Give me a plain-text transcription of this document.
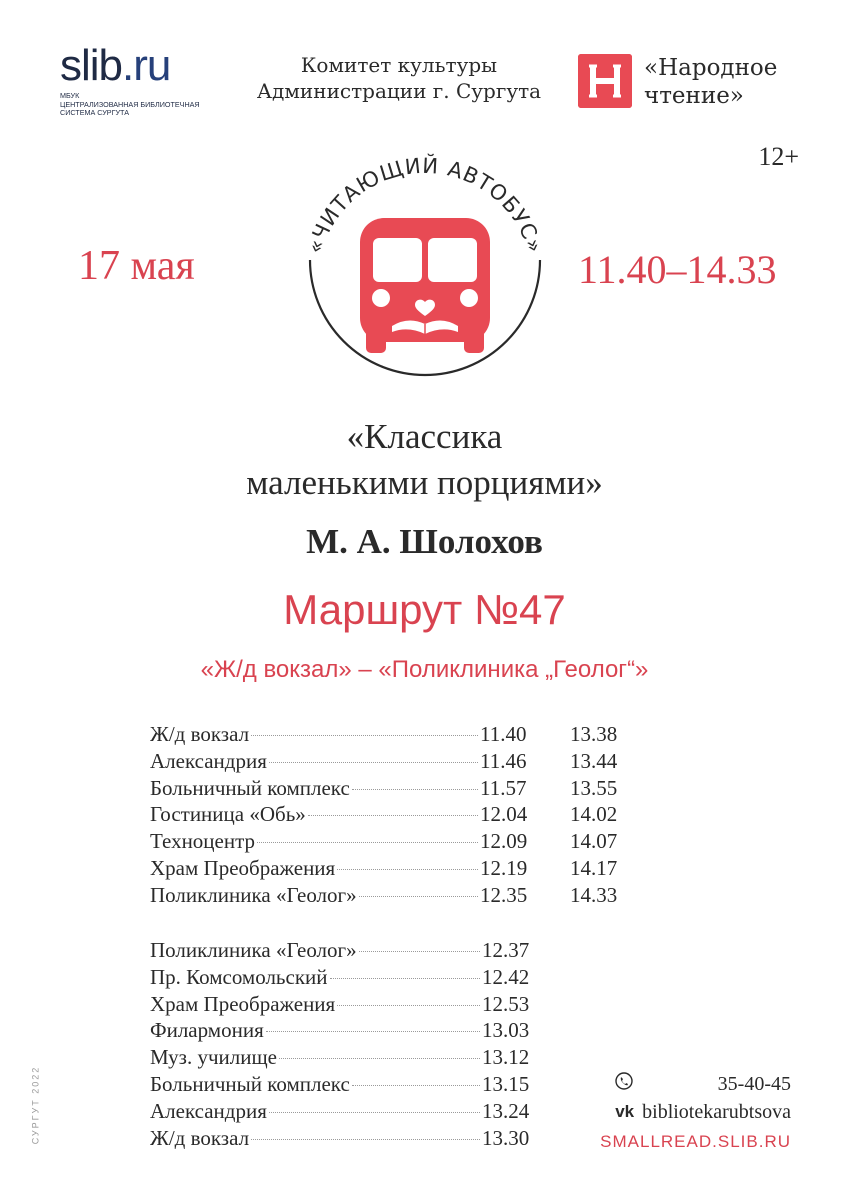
slib.ru
МБУК
ЦЕНТРАЛИЗОВАННАЯ БИБЛИОТЕЧНАЯ
СИСТЕМА СУРГУТА
Комитет культуры
Администрации г. Сургута
«Народное
чтение»
12+
17 мая	11.40–14.33
«ЧИТАЮЩИЙ АВТОБУС»
«Классика
маленькими порциями»
М. А. Шолохов
Маршрут №47
«Ж/д вокзал» – «Поликлиника „Геолог“»
Ж/д вокзал	11.40	13.38
Александрия	11.46	13.44
Больничный комплекс	11.57	13.55
Гостиница «Обь»	12.04	14.02
Техноцентр	12.09	14.07
Храм Преображения	12.19	14.17
Поликлиника «Геолог»	12.35	14.33
Поликлиника «Геолог»	12.37
Пр. Комсомольский	12.42
Храм Преображения	12.53
Филармония	13.03
Муз. училище	13.12
Больничный комплекс	13.15
Александрия	13.24
Ж/д вокзал	13.30
СУРГУТ 2022	35-40-45
vk bibliotekarubtsova
SMALLREAD.SLIB.RU
